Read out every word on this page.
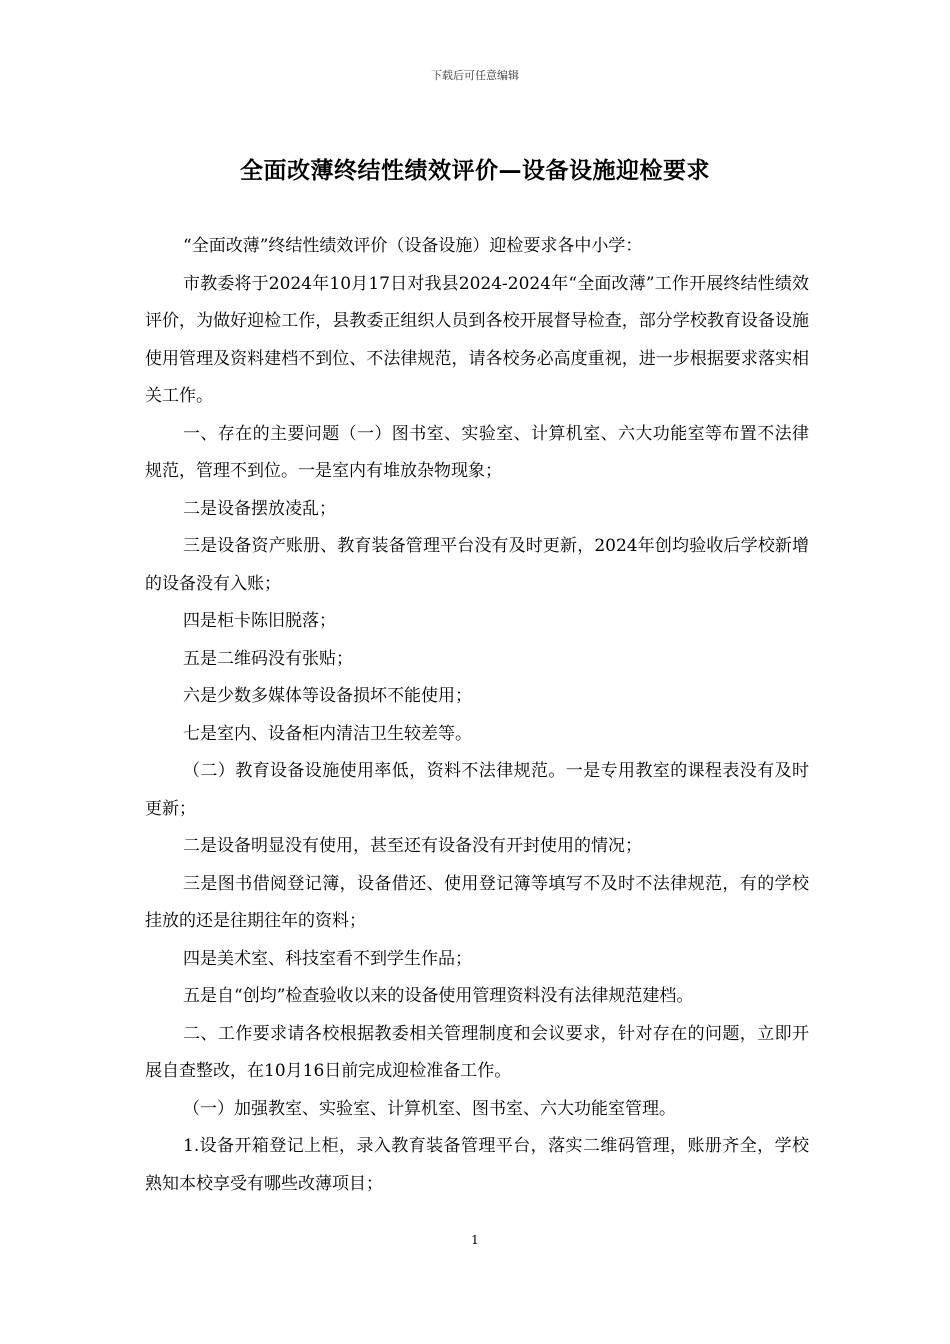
下载后可任意编辑
全面改薄终结性绩效评价—设备设施迎检要求

“全面改薄”终结性绩效评价（设备设施）迎检要求各中小学：

市教委将于2024年10月17日对我县2024-2024年“全面改薄”工作开展终结性绩效评价，为做好迎检工作，县教委正组织人员到各校开展督导检查，部分学校教育设备设施使用管理及资料建档不到位、不法律规范，请各校务必高度重视，进一步根据要求落实相关工作。

一、存在的主要问题（一）图书室、实验室、计算机室、六大功能室等布置不法律规范，管理不到位。一是室内有堆放杂物现象；

二是设备摆放凌乱；

三是设备资产账册、教育装备管理平台没有及时更新，2024年创均验收后学校新增的设备没有入账；

四是柜卡陈旧脱落；

五是二维码没有张贴；

六是少数多媒体等设备损坏不能使用；

七是室内、设备柜内清洁卫生较差等。

（二）教育设备设施使用率低，资料不法律规范。一是专用教室的课程表没有及时更新；

二是设备明显没有使用，甚至还有设备没有开封使用的情况；

三是图书借阅登记簿，设备借还、使用登记簿等填写不及时不法律规范，有的学校挂放的还是往期往年的资料；

四是美术室、科技室看不到学生作品；

五是自“创均”检查验收以来的设备使用管理资料没有法律规范建档。

二、工作要求请各校根据教委相关管理制度和会议要求，针对存在的问题，立即开展自查整改，在10月16日前完成迎检准备工作。

（一）加强教室、实验室、计算机室、图书室、六大功能室管理。

1.设备开箱登记上柜，录入教育装备管理平台，落实二维码管理，账册齐全，学校熟知本校享受有哪些改薄项目；

1
